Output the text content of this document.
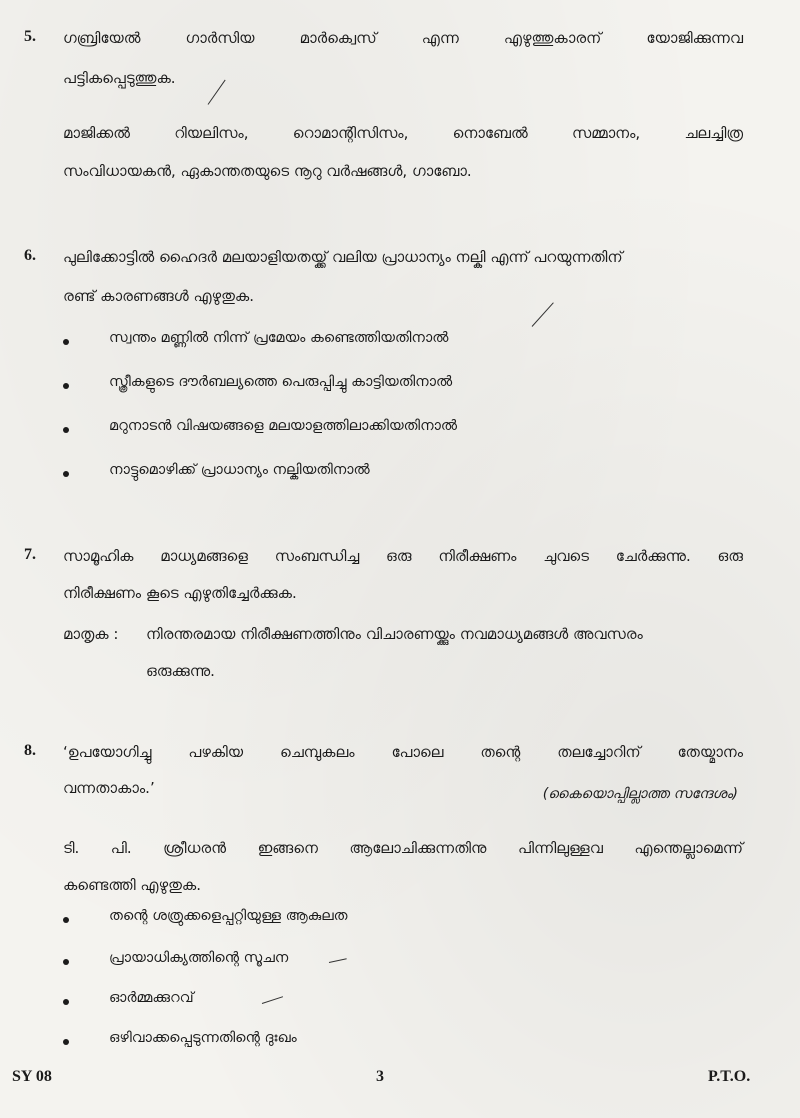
5. ഗബ്രിയേൽ ഗാർസിയ മാർക്വെസ് എന്ന എഴുത്തുകാരന് യോജിക്കുന്നവ
പട്ടികപ്പെടുത്തുക.
മാജിക്കൽ റിയലിസം, റൊമാന്റിസിസം, നൊബേൽ സമ്മാനം, ചലച്ചിത്ര
സംവിധായകൻ, ഏകാന്തതയുടെ നൂറു വർഷങ്ങൾ, ഗാബോ.
6. പുലിക്കോട്ടിൽ ഹൈദർ മലയാളിയതയ്ക്ക് വലിയ പ്രാധാന്യം നല്കി എന്ന് പറയുന്നതിന്
രണ്ട് കാരണങ്ങൾ എഴുതുക.
സ്വന്തം മണ്ണിൽ നിന്ന് പ്രമേയം കണ്ടെത്തിയതിനാൽ
സ്ത്രീകളുടെ ദൗർബല്യത്തെ പെരുപ്പിച്ചു കാട്ടിയതിനാൽ
മറുനാടൻ വിഷയങ്ങളെ മലയാളത്തിലാക്കിയതിനാൽ
നാട്ടുമൊഴിക്ക് പ്രാധാന്യം നല്കിയതിനാൽ
7. സാമൂഹിക മാധ്യമങ്ങളെ സംബന്ധിച്ച ഒരു നിരീക്ഷണം ചുവടെ ചേർക്കുന്നു. ഒരു
നിരീക്ഷണം കൂടെ എഴുതിച്ചേർക്കുക.
മാതൃക : നിരന്തരമായ നിരീക്ഷണത്തിനും വിചാരണയ്ക്കും നവമാധ്യമങ്ങൾ അവസരം
ഒരുക്കുന്നു.
8. ‘ഉപയോഗിച്ചു പഴകിയ ചെമ്പുകലം പോലെ തന്റെ തലച്ചോറിന് തേയ്മാനം
വന്നതാകാം.’	(കൈയൊപ്പില്ലാത്ത സന്ദേശം)
ടി. പി. ശ്രീധരൻ ഇങ്ങനെ ആലോചിക്കുന്നതിനു പിന്നിലുള്ളവ എന്തെല്ലാമെന്ന്
കണ്ടെത്തി എഴുതുക.
തന്റെ ശത്രുക്കളെപ്പറ്റിയുള്ള ആകുലത
പ്രായാധിക്യത്തിന്റെ സൂചന
ഓർമ്മക്കുറവ്
ഒഴിവാക്കപ്പെടുന്നതിന്റെ ദുഃഖം
SY 08	3	P.T.O.
